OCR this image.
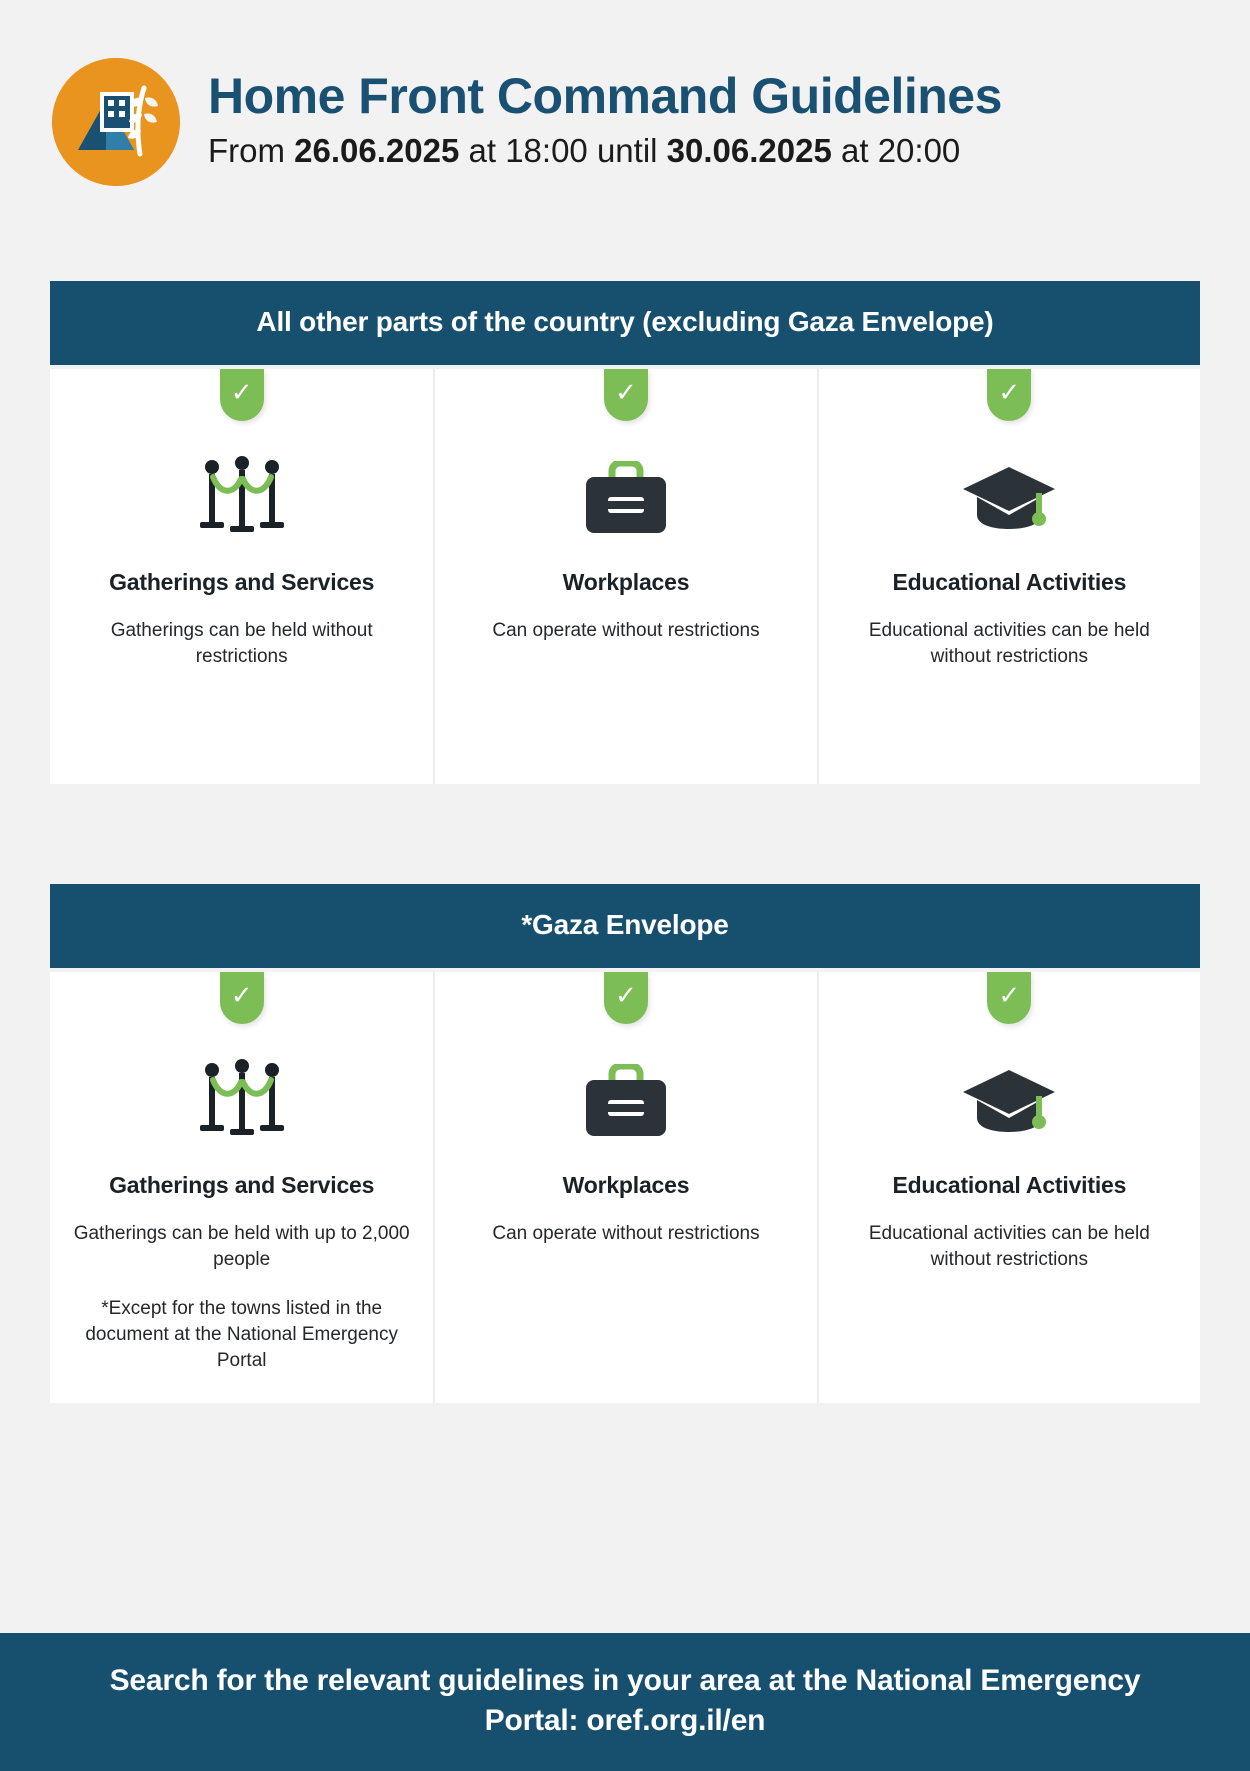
Home Front Command Guidelines
From 26.06.2025 at 18:00 until 30.06.2025 at 20:00
All other parts of the country (excluding Gaza Envelope)
✓
Gatherings and Services
Gatherings can be held without restrictions
✓
Workplaces
Can operate without restrictions
✓
Educational Activities
Educational activities can be held without restrictions
*Gaza Envelope
✓
Gatherings and Services
Gatherings can be held with up to 2,000 people
*Except for the towns listed in the document at the National Emergency Portal
✓
Workplaces
Can operate without restrictions
✓
Educational Activities
Educational activities can be held without restrictions
Search for the relevant guidelines in your area at the National Emergency Portal: oref.org.il/en
